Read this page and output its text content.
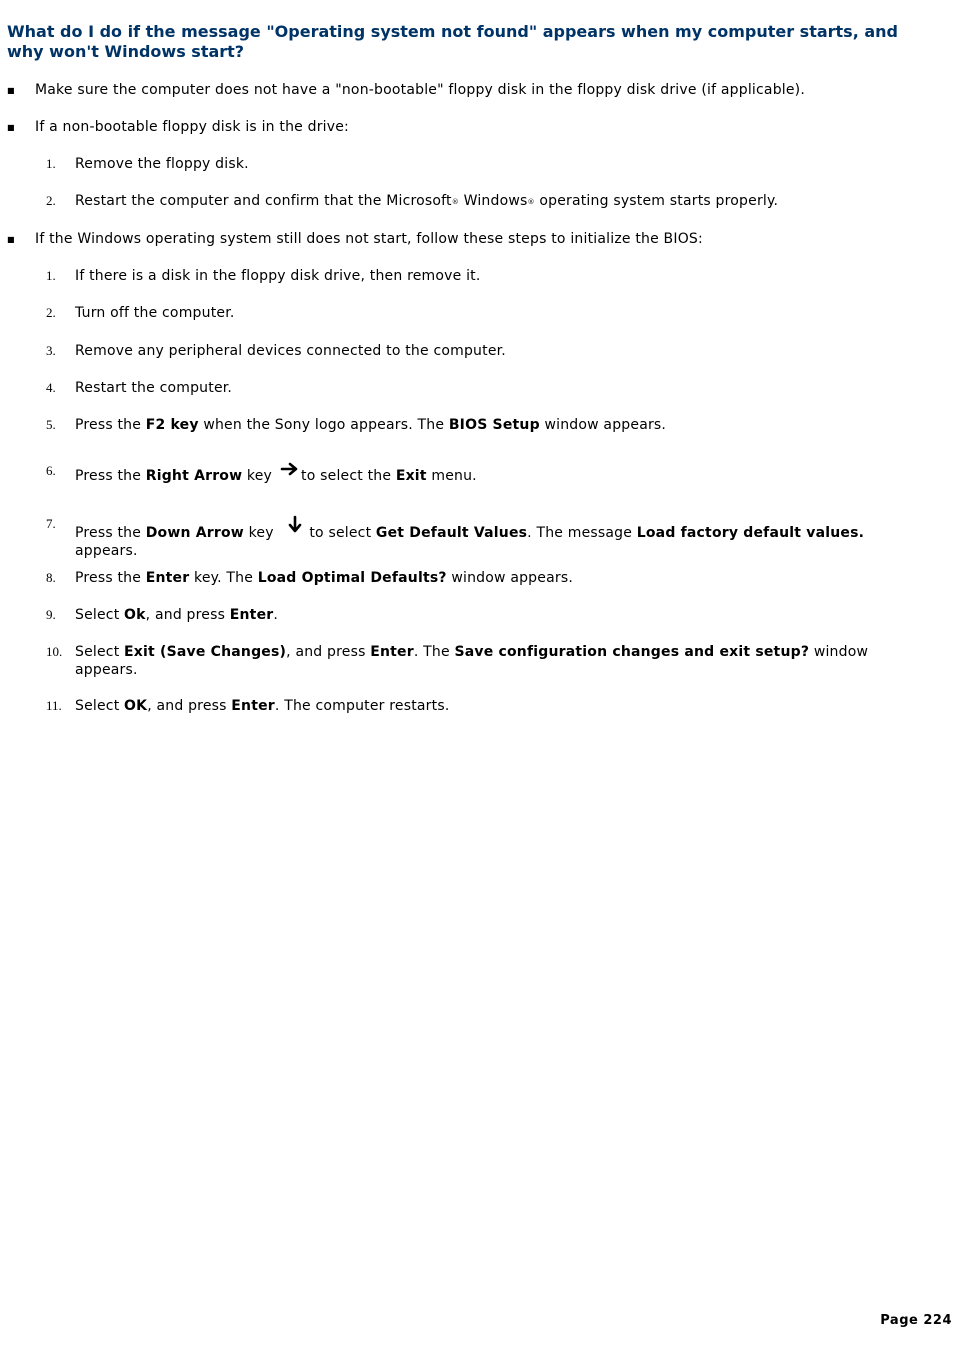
What do I do if the message "Operating system not found" appears when my computer starts, and why won't Windows start?
■ Make sure the computer does not have a "non-bootable" floppy disk in the floppy disk drive (if applicable).
■ If a non-bootable floppy disk is in the drive:
1.	Remove the floppy disk.
2.	Restart the computer and confirm that the Microsoft® Windows® operating system starts properly.
■ If the Windows operating system still does not start, follow these steps to initialize the BIOS:
1.	If there is a disk in the floppy disk drive, then remove it.
2.	Turn off the computer.
3.	Remove any peripheral devices connected to the computer.
4.	Restart the computer.
5.	Press the F2 key when the Sony logo appears. The BIOS Setup window appears.
6.	Press the Right Arrow key to select the Exit menu.
7.
Press the Down Arrow key to select Get Default Values. The message Load factory default values. appears.
8.	Press the Enter key. The Load Optimal Defaults? window appears.
9.	Select Ok, and press Enter.
10. Select Exit (Save Changes), and press Enter. The Save configuration changes and exit setup? window appears.
11. Select OK, and press Enter. The computer restarts.
Page 224
